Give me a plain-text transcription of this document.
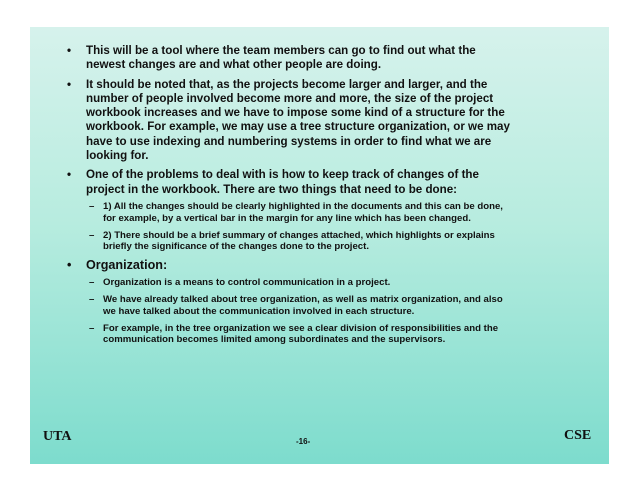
• This will be a tool where the team members can go to find out what the newest changes are and what other people are doing.
• It should be noted that, as the projects become larger and larger, and the number of people involved become more and more, the size of the project workbook increases and we have to impose some kind of a structure for the workbook. For example, we may use a tree structure organization, or we may have to use indexing and numbering systems in order to find what we are looking for.
• One of the problems to deal with is how to keep track of changes of the project in the workbook. There are two things that need to be done:
– 1) All the changes should be clearly highlighted in the documents and this can be done, for example, by a vertical bar in the margin for any line which has been changed.
– 2) There should be a brief summary of changes attached, which highlights or explains briefly the significance of the changes done to the project.
• Organization:
– Organization is a means to control communication in a project.
– We have already talked about tree organization, as well as matrix organization, and also we have talked about the communication involved in each structure.
– For example, in the tree organization we see a clear division of responsibilities and the communication becomes limited among subordinates and the supervisors.
UTA	-16-	CSE
